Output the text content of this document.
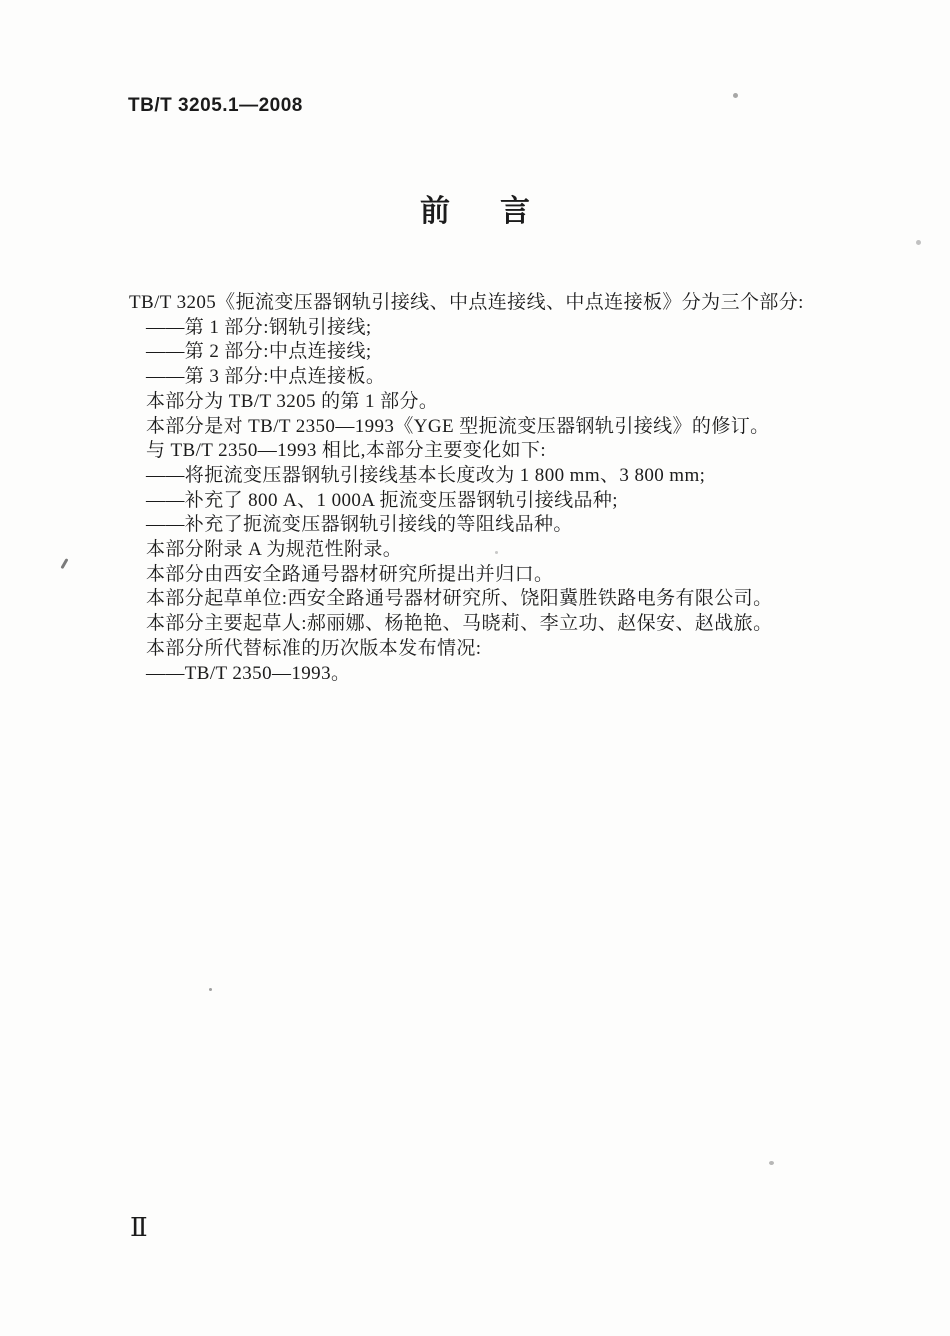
TB/T 3205.1—2008
前 言

TB/T 3205《扼流变压器钢轨引接线、中点连接线、中点连接板》分为三个部分:

——第 1 部分:钢轨引接线;

——第 2 部分:中点连接线;

——第 3 部分:中点连接板。

本部分为 TB/T 3205 的第 1 部分。

本部分是对 TB/T 2350—1993《YGE 型扼流变压器钢轨引接线》的修订。

与 TB/T 2350—1993 相比,本部分主要变化如下:

——将扼流变压器钢轨引接线基本长度改为 1 800 mm、3 800 mm;

——补充了 800 A、1 000A 扼流变压器钢轨引接线品种;

——补充了扼流变压器钢轨引接线的等阻线品种。

本部分附录 A 为规范性附录。

本部分由西安全路通号器材研究所提出并归口。

本部分起草单位:西安全路通号器材研究所、饶阳冀胜铁路电务有限公司。

本部分主要起草人:郝丽娜、杨艳艳、马晓莉、李立功、赵保安、赵战旅。

本部分所代替标准的历次版本发布情况:

——TB/T 2350—1993。

Ⅱ
